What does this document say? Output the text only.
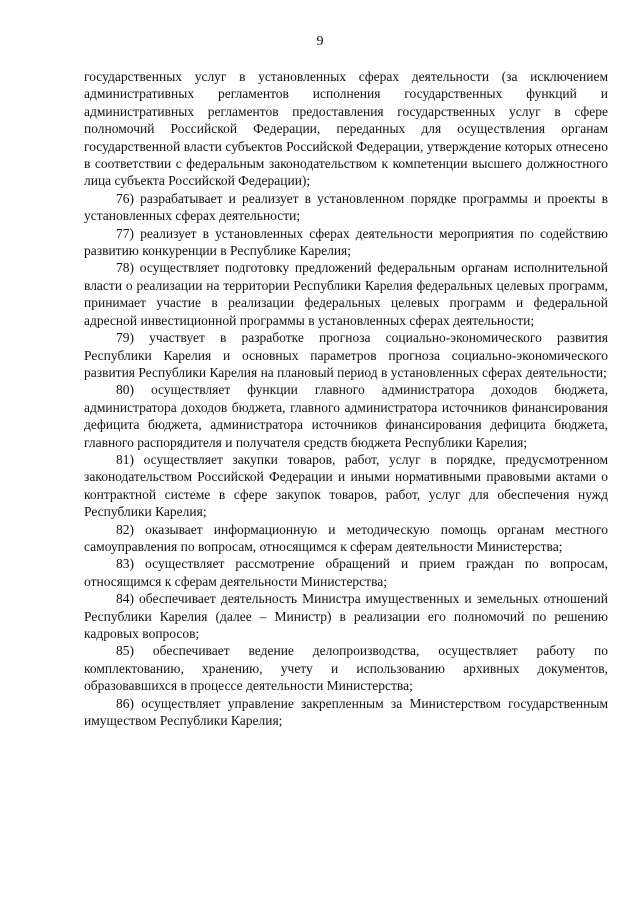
9

государственных услуг в установленных сферах деятельности (за исключением административных регламентов исполнения государственных функций и административных регламентов предоставления государственных услуг в сфере полномочий Российской Федерации, переданных для осуществления органам государственной власти субъектов Российской Федерации, утверждение которых отнесено в соответствии с федеральным законодательством к компетенции высшего должностного лица субъекта Российской Федерации);

76) разрабатывает и реализует в установленном порядке программы и проекты в установленных сферах деятельности;

77) реализует в установленных сферах деятельности мероприятия по содействию развитию конкуренции в Республике Карелия;

78) осуществляет подготовку предложений федеральным органам исполнительной власти о реализации на территории Республики Карелия федеральных целевых программ, принимает участие в реализации федеральных целевых программ и федеральной адресной инвестиционной программы в установленных сферах деятельности;

79) участвует в разработке прогноза социально-экономического развития Республики Карелия и основных параметров прогноза социально-экономического развития Республики Карелия на плановый период в установленных сферах деятельности;

80) осуществляет функции главного администратора доходов бюджета, администратора доходов бюджета, главного администратора источников финансирования дефицита бюджета, администратора источников финансирования дефицита бюджета, главного распорядителя и получателя средств бюджета Республики Карелия;

81) осуществляет закупки товаров, работ, услуг в порядке, предусмотренном законодательством Российской Федерации и иными нормативными правовыми актами о контрактной системе в сфере закупок товаров, работ, услуг для обеспечения нужд Республики Карелия;

82) оказывает информационную и методическую помощь органам местного самоуправления по вопросам, относящимся к сферам деятельности Министерства;

83) осуществляет рассмотрение обращений и прием граждан по вопросам, относящимся к сферам деятельности Министерства;

84) обеспечивает деятельность Министра имущественных и земельных отношений Республики Карелия (далее – Министр) в реализации его полномочий по решению кадровых вопросов;

85) обеспечивает ведение делопроизводства, осуществляет работу по комплектованию, хранению, учету и использованию архивных документов, образовавшихся в процессе деятельности Министерства;

86) осуществляет управление закрепленным за Министерством государственным имуществом Республики Карелия;
